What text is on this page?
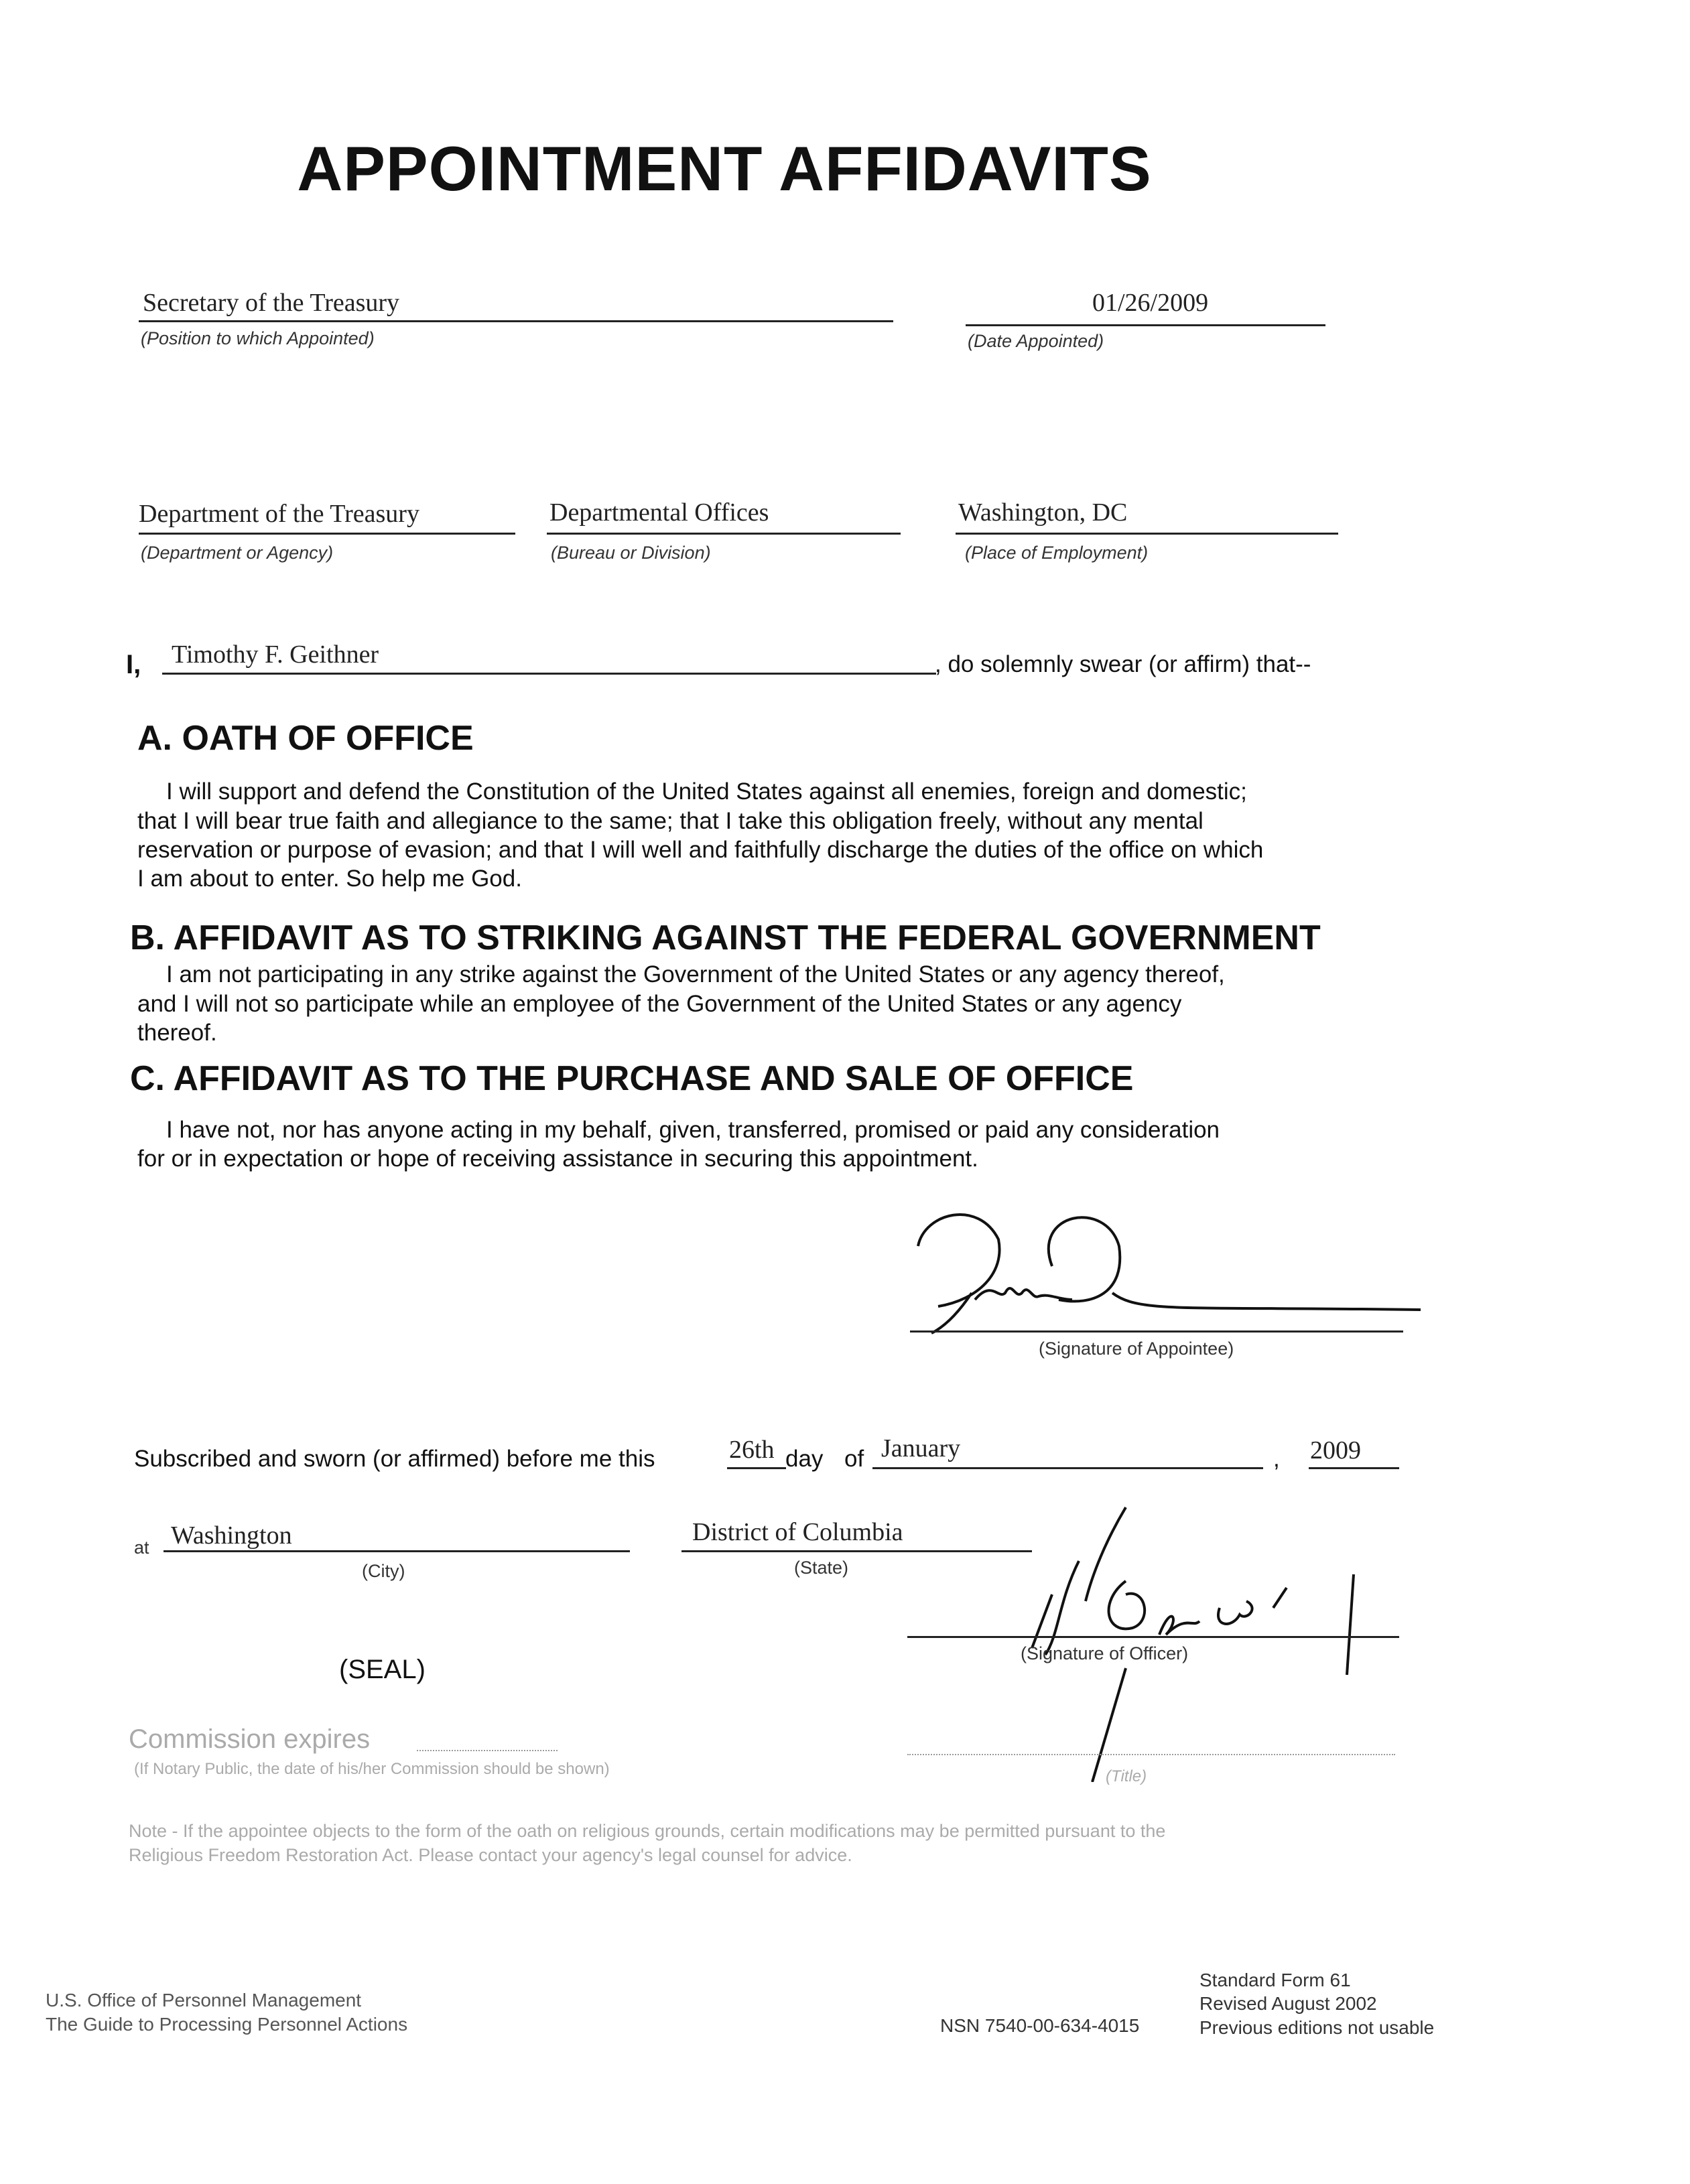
APPOINTMENT AFFIDAVITS
Secretary of the Treasury
(Position to which Appointed)
01/26/2009
(Date Appointed)
Department of the Treasury
(Department or Agency)
Departmental Offices
(Bureau or Division)
Washington, DC
(Place of Employment)
I, Timothy F. Geithner	, do solemnly swear (or affirm) that--
A. OATH OF OFFICE
I will support and defend the Constitution of the United States against all enemies, foreign and domestic;
that I will bear true faith and allegiance to the same; that I take this obligation freely, without any mental
reservation or purpose of evasion; and that I will well and faithfully discharge the duties of the office on which
I am about to enter. So help me God.
B. AFFIDAVIT AS TO STRIKING AGAINST THE FEDERAL GOVERNMENT
I am not participating in any strike against the Government of the United States or any agency thereof,
and I will not so participate while an employee of the Government of the United States or any agency
thereof.
C. AFFIDAVIT AS TO THE PURCHASE AND SALE OF OFFICE
I have not, nor has anyone acting in my behalf, given, transferred, promised or paid any consideration
for or in expectation or hope of receiving assistance in securing this appointment.
(Signature of Appointee)
Subscribed and sworn (or affirmed) before me this	26th day of January	, 2009
at Washington
(City)
District of Columbia
(State)
(Signature of Officer)
(SEAL)
Commission expires
(If Notary Public, the date of his/her Commission should be shown)	(Title)
Note - If the appointee objects to the form of the oath on religious grounds, certain modifications may be permitted pursuant to the
Religious Freedom Restoration Act. Please contact your agency's legal counsel for advice.
U.S. Office of Personnel Management
The Guide to Processing Personnel Actions	NSN 7540-00-634-4015
Standard Form 61
Revised August 2002
Previous editions not usable
